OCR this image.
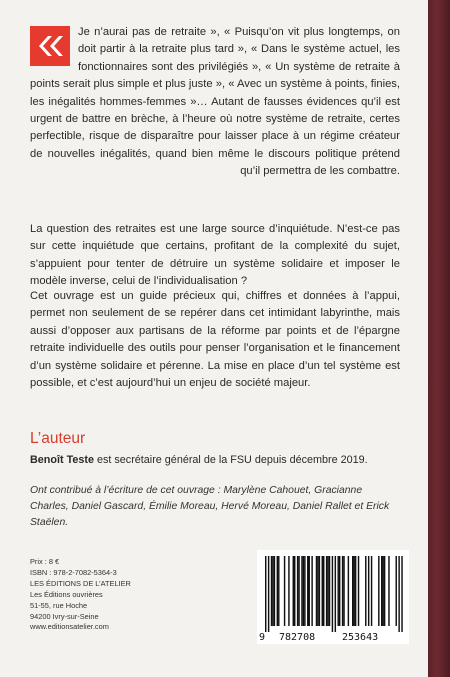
Je n’aurai pas de retraite », « Puisqu’on vit plus longtemps, on doit partir à la retraite plus tard », « Dans le système actuel, les fonctionnaires sont des privilégiés », « Un système de retraite à points serait plus simple et plus juste », « Avec un système à points, finies, les inégalités hommes-femmes »… Autant de fausses évidences qu’il est urgent de battre en brèche, à l’heure où notre système de retraite, certes perfectible, risque de disparaître pour laisser place à un régime créateur de nouvelles inégalités, quand bien même le discours politique prétend qu’il permettra de les combattre.

La question des retraites est une large source d’inquiétude. N’est-ce pas sur cette inquiétude que certains, profitant de la complexité du sujet, s’appuient pour tenter de détruire un système solidaire et imposer le modèle inverse, celui de l’individualisation ?

Cet ouvrage est un guide précieux qui, chiffres et données à l’appui, permet non seulement de se repérer dans cet intimidant labyrinthe, mais aussi d’opposer aux partisans de la réforme par points et de l’épargne retraite individuelle des outils pour penser l’organisation et le financement d’un système solidaire et pérenne. La mise en place d’un tel système est possible, et c’est aujourd’hui un enjeu de société majeur.

L’auteur

Benoît Teste est secrétaire général de la FSU depuis décembre 2019.

Ont contribué à l’écriture de cet ouvrage : Marylène Cahouet, Gracianne Charles, Daniel Gascard, Émilie Moreau, Hervé Moreau, Daniel Rallet et Erick Staëlen.

Prix : 8 €
ISBN : 978-2-7082-5364-3
LES ÉDITIONS DE L’ATELIER
Les Éditions ouvrières
51-55, rue Hoche
94200 Ivry-sur-Seine
www.editionsatelier.com
9 782708	253643
